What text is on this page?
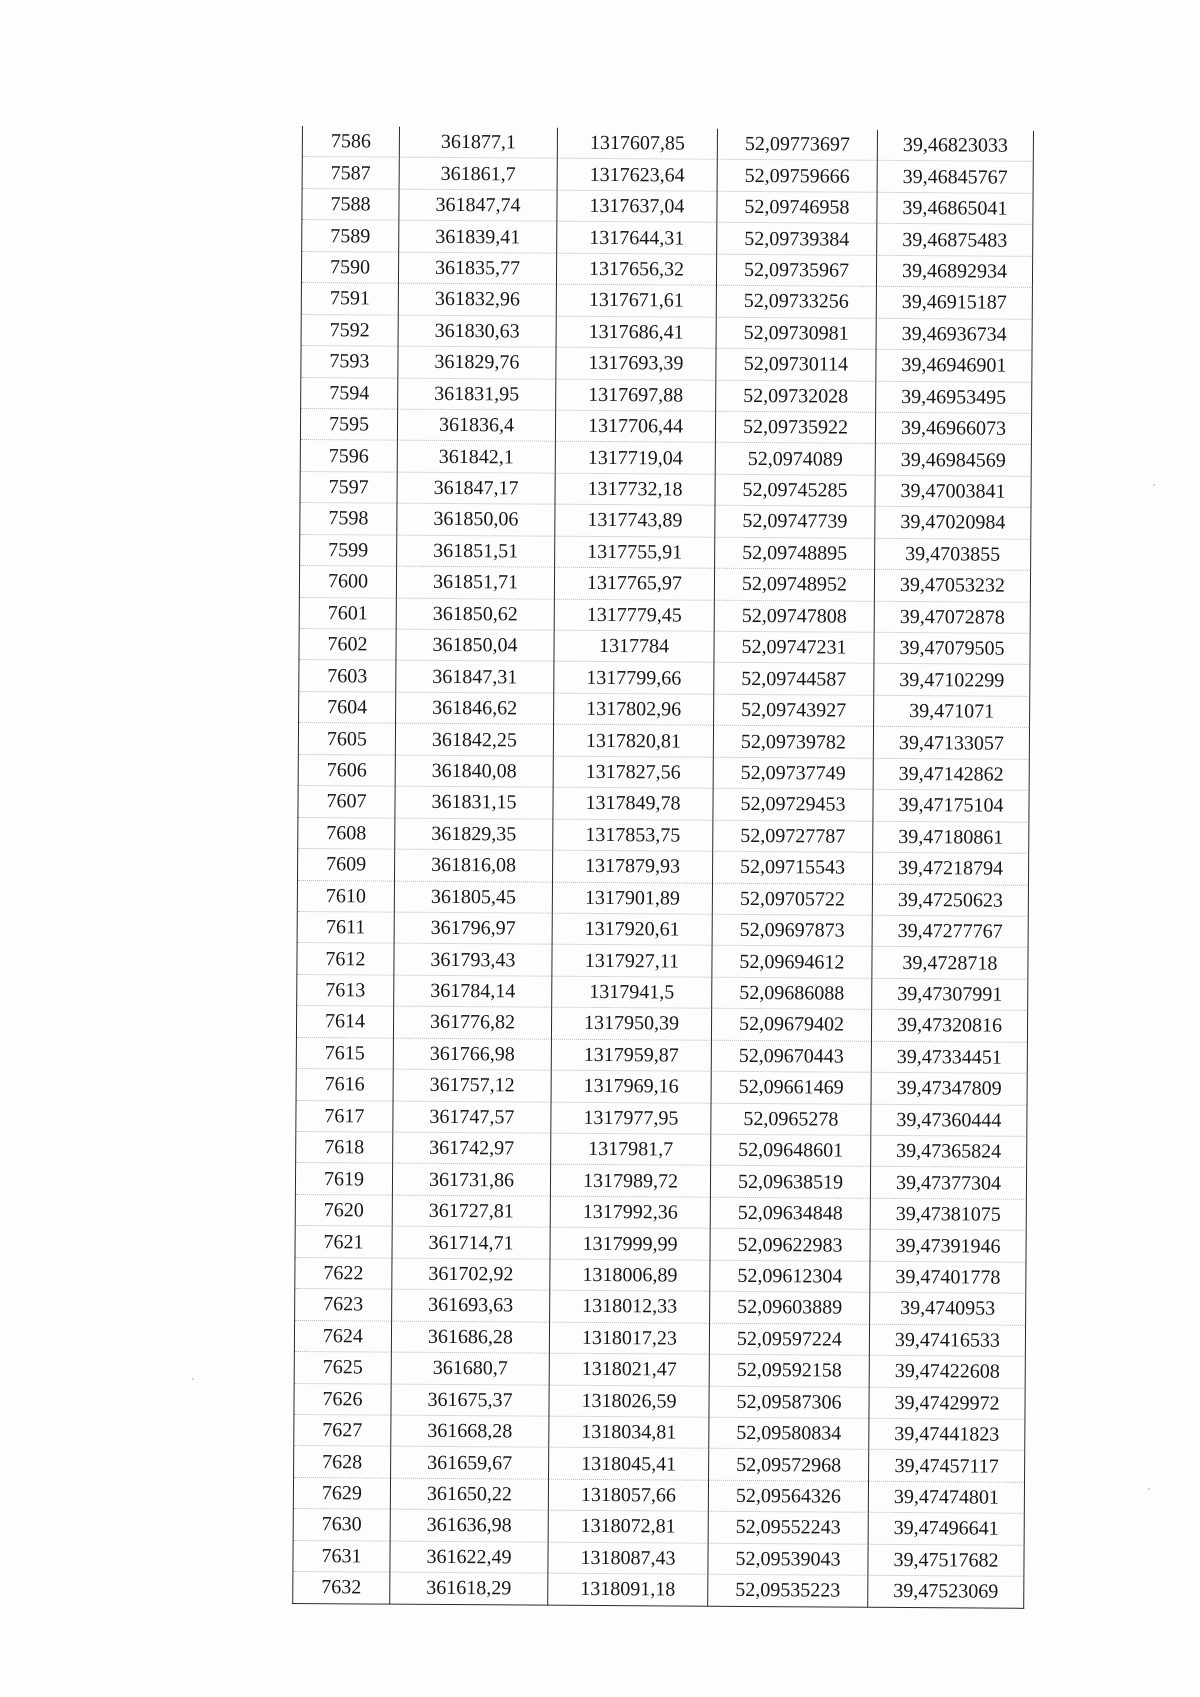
7586	361877,1	1317607,85	52,09773697	39,46823033
7587	361861,7	1317623,64	52,09759666	39,46845767
7588	361847,74	1317637,04	52,09746958	39,46865041
7589	361839,41	1317644,31	52,09739384	39,46875483
7590	361835,77	1317656,32	52,09735967	39,46892934
7591	361832,96	1317671,61	52,09733256	39,46915187
7592	361830,63	1317686,41	52,09730981	39,46936734
7593	361829,76	1317693,39	52,09730114	39,46946901
7594	361831,95	1317697,88	52,09732028	39,46953495
7595	361836,4	1317706,44	52,09735922	39,46966073
7596	361842,1	1317719,04	52,0974089	39,46984569
7597	361847,17	1317732,18	52,09745285	39,47003841
7598	361850,06	1317743,89	52,09747739	39,47020984
7599	361851,51	1317755,91	52,09748895	39,4703855
7600	361851,71	1317765,97	52,09748952	39,47053232
7601	361850,62	1317779,45	52,09747808	39,47072878
7602	361850,04	1317784	52,09747231	39,47079505
7603	361847,31	1317799,66	52,09744587	39,47102299
7604	361846,62	1317802,96	52,09743927	39,471071
7605	361842,25	1317820,81	52,09739782	39,47133057
7606	361840,08	1317827,56	52,09737749	39,47142862
7607	361831,15	1317849,78	52,09729453	39,47175104
7608	361829,35	1317853,75	52,09727787	39,47180861
7609	361816,08	1317879,93	52,09715543	39,47218794
7610	361805,45	1317901,89	52,09705722	39,47250623
7611	361796,97	1317920,61	52,09697873	39,47277767
7612	361793,43	1317927,11	52,09694612	39,4728718
7613	361784,14	1317941,5	52,09686088	39,47307991
7614	361776,82	1317950,39	52,09679402	39,47320816
7615	361766,98	1317959,87	52,09670443	39,47334451
7616	361757,12	1317969,16	52,09661469	39,47347809
7617	361747,57	1317977,95	52,0965278	39,47360444
7618	361742,97	1317981,7	52,09648601	39,47365824
7619	361731,86	1317989,72	52,09638519	39,47377304
7620	361727,81	1317992,36	52,09634848	39,47381075
7621	361714,71	1317999,99	52,09622983	39,47391946
7622	361702,92	1318006,89	52,09612304	39,47401778
7623	361693,63	1318012,33	52,09603889	39,4740953
7624	361686,28	1318017,23	52,09597224	39,47416533
7625	361680,7	1318021,47	52,09592158	39,47422608
7626	361675,37	1318026,59	52,09587306	39,47429972
7627	361668,28	1318034,81	52,09580834	39,47441823
7628	361659,67	1318045,41	52,09572968	39,47457117
7629	361650,22	1318057,66	52,09564326	39,47474801
7630	361636,98	1318072,81	52,09552243	39,47496641
7631	361622,49	1318087,43	52,09539043	39,47517682
7632	361618,29	1318091,18	52,09535223	39,47523069
